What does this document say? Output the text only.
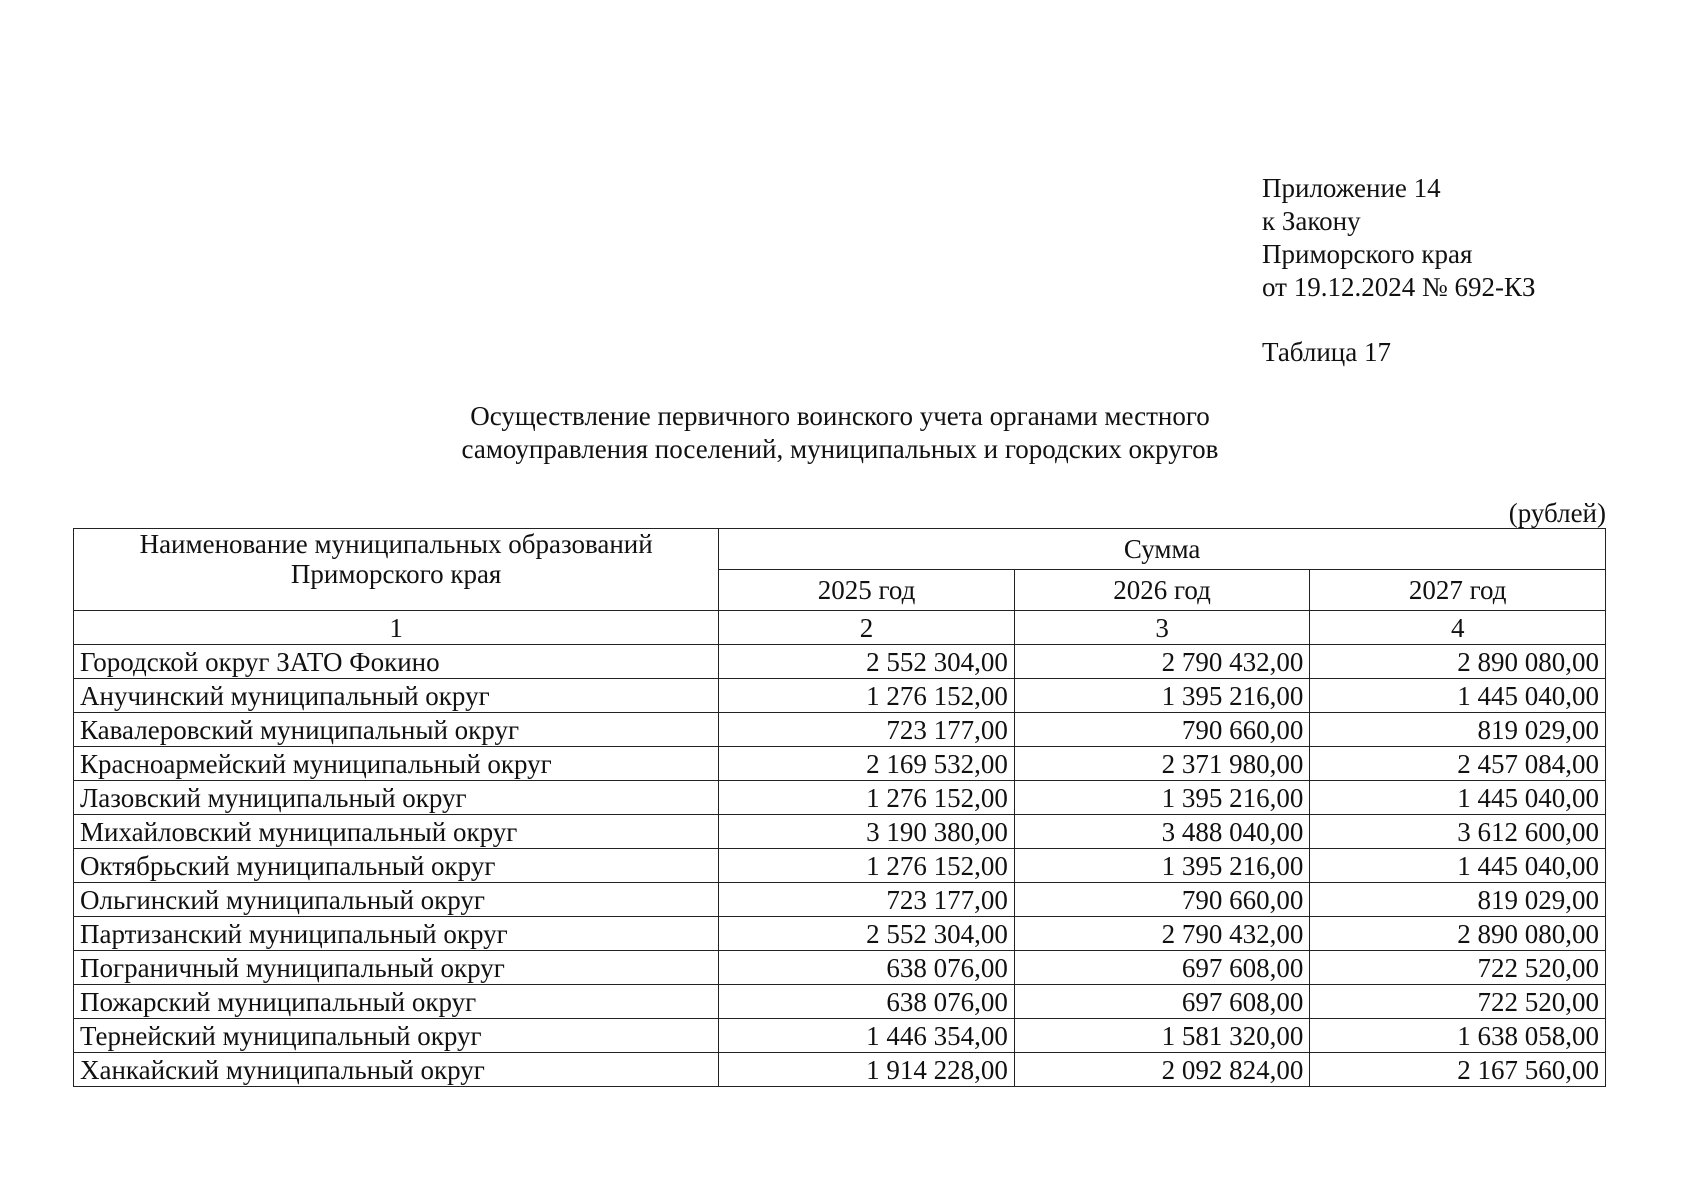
Приложение 14
к Закону
Приморского края
от 19.12.2024 № 692-КЗ
Таблица 17
Осуществление первичного воинского учета органами местного
самоуправления поселений, муниципальных и городских округов
(рублей)
Наименование муниципальных образований Приморского края	Сумма		
	2025 год	2026 год	2027 год
1	2	3	4
Городской округ ЗАТО Фокино	2 552 304,00	2 790 432,00	2 890 080,00
Анучинский муниципальный округ	1 276 152,00	1 395 216,00	1 445 040,00
Кавалеровский муниципальный округ	723 177,00	790 660,00	819 029,00
Красноармейский муниципальный округ	2 169 532,00	2 371 980,00	2 457 084,00
Лазовский муниципальный округ	1 276 152,00	1 395 216,00	1 445 040,00
Михайловский муниципальный округ	3 190 380,00	3 488 040,00	3 612 600,00
Октябрьский муниципальный округ	1 276 152,00	1 395 216,00	1 445 040,00
Ольгинский муниципальный округ	723 177,00	790 660,00	819 029,00
Партизанский муниципальный округ	2 552 304,00	2 790 432,00	2 890 080,00
Пограничный муниципальный округ	638 076,00	697 608,00	722 520,00
Пожарский муниципальный округ	638 076,00	697 608,00	722 520,00
Тернейский муниципальный округ	1 446 354,00	1 581 320,00	1 638 058,00
Ханкайский муниципальный округ	1 914 228,00	2 092 824,00	2 167 560,00
